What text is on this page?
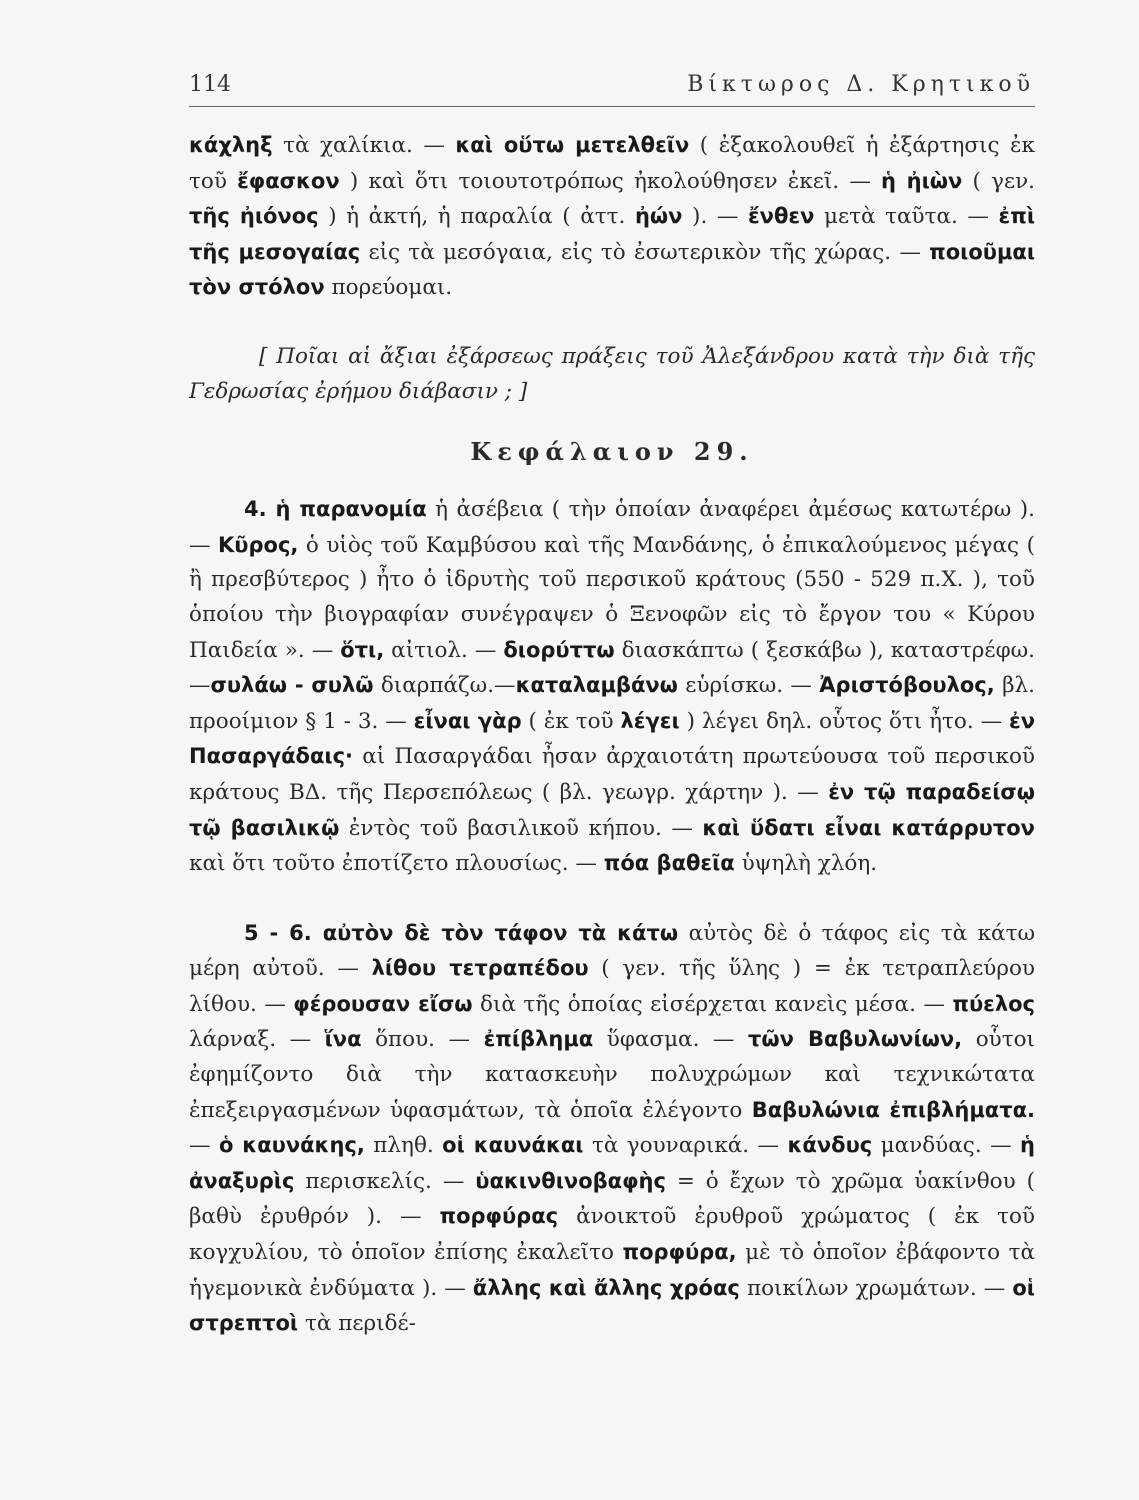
114	Βίκτωρος Δ. Κρητικοῦ

κάχληξ τὰ χαλίκια. — καὶ οὕτω μετελθεῖν ( ἐξακολουθεῖ ἡ ἐξάρτησις ἐκ τοῦ ἔφασκον ) καὶ ὅτι τοιουτοτρόπως ἠκολούθησεν ἐκεῖ. — ἡ ἠιὼν ( γεν. τῆς ἠιόνος ) ἡ ἀκτή, ἡ παραλία ( ἀττ. ἠών ). — ἔνθεν μετὰ ταῦτα. — ἐπὶ τῆς μεσογαίας εἰς τὰ μεσόγαια, εἰς τὸ ἐσωτερικὸν τῆς χώρας. — ποιοῦμαι τὸν στόλον πορεύομαι.

[ Ποῖαι αἱ ἄξιαι ἐξάρσεως πράξεις τοῦ Ἀλεξάνδρου κατὰ τὴν διὰ τῆς Γεδρωσίας ἐρήμου διάβασιν ; ]

Κεφάλαιον 29.

4. ἡ παρανομία ἡ ἀσέβεια ( τὴν ὁποίαν ἀναφέρει ἀμέσως κατωτέρω ). — Κῦρος, ὁ υἱὸς τοῦ Καμβύσου καὶ τῆς Μανδάνης, ὁ ἐπικαλούμενος μέγας ( ἢ πρεσβύτερος ) ἦτο ὁ ἱδρυτὴς τοῦ περσικοῦ κράτους (550 - 529 π.Χ. ), τοῦ ὁποίου τὴν βιογραφίαν συνέγραψεν ὁ Ξενοφῶν εἰς τὸ ἔργον του « Κύρου Παιδεία ». — ὅτι, αἰτιολ. — διορύττω διασκάπτω ( ξεσκάβω ), καταστρέφω.—συλάω - συλῶ διαρπάζω.—καταλαμβάνω εὑρίσκω. — Ἀριστόβουλος, βλ. προοίμιον § 1 - 3. — εἶναι γὰρ ( ἐκ τοῦ λέγει ) λέγει δηλ. οὗτος ὅτι ἦτο. — ἐν Πασαργάδαις· αἱ Πασαργάδαι ἦσαν ἀρχαιοτάτη πρωτεύουσα τοῦ περσικοῦ κράτους ΒΔ. τῆς Περσεπόλεως ( βλ. γεωγρ. χάρτην ). — ἐν τῷ παραδείσῳ τῷ βασιλικῷ ἐντὸς τοῦ βασιλικοῦ κήπου. — καὶ ὕδατι εἶναι κατάρρυτον καὶ ὅτι τοῦτο ἐποτίζετο πλουσίως. — πόα βαθεῖα ὑψηλὴ χλόη.

5 - 6. αὐτὸν δὲ τὸν τάφον τὰ κάτω αὐτὸς δὲ ὁ τάφος εἰς τὰ κάτω μέρη αὐτοῦ. — λίθου τετραπέδου ( γεν. τῆς ὕλης ) = ἐκ τετραπλεύρου λίθου. — φέρουσαν εἴσω διὰ τῆς ὁποίας εἰσέρχεται κανεὶς μέσα. — πύελος λάρναξ. — ἵνα ὅπου. — ἐπίβλημα ὕφασμα. — τῶν Βαβυλωνίων, οὗτοι ἐφημίζοντο διὰ τὴν κατασκευὴν πολυχρώμων καὶ τεχνικώτατα ἐπεξειργασμένων ὑφασμάτων, τὰ ὁποῖα ἐλέγοντο Βαβυλώνια ἐπιβλήματα. — ὁ καυνάκης, πληθ. οἱ καυνάκαι τὰ γουναρικά. — κάνδυς μανδύας. — ἡ ἀναξυρὶς περισκελίς. — ὑακινθινοβαφὴς = ὁ ἔχων τὸ χρῶμα ὑακίνθου ( βαθὺ ἐρυθρόν ). — πορφύρας ἀνοικτοῦ ἐρυθροῦ χρώματος ( ἐκ τοῦ κογχυλίου, τὸ ὁποῖον ἐπίσης ἐκαλεῖτο πορφύρα, μὲ τὸ ὁποῖον ἐβάφοντο τὰ ἡγεμονικὰ ἐνδύματα ). — ἄλλης καὶ ἄλλης χρόας ποικίλων χρωμάτων. — οἱ στρεπτοὶ τὰ περιδέ-
